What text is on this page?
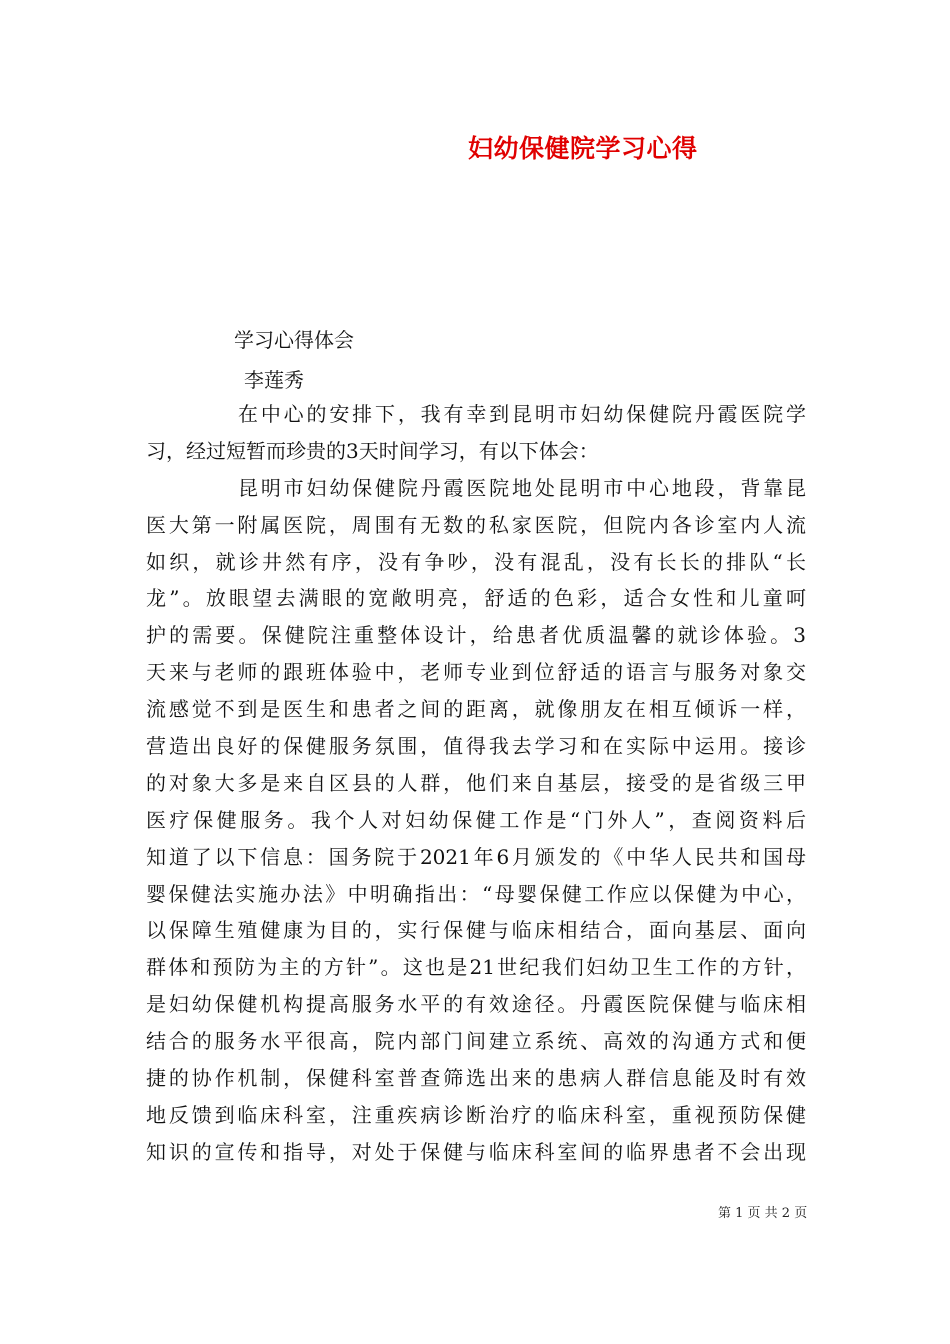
妇幼保健院学习心得
学习心得体会
李莲秀
在中心的安排下，我有幸到昆明市妇幼保健院丹霞医院学
习，经过短暂而珍贵的3天时间学习，有以下体会：
昆明市妇幼保健院丹霞医院地处昆明市中心地段，背靠昆
医大第一附属医院，周围有无数的私家医院，但院内各诊室内人流
如织，就诊井然有序，没有争吵，没有混乱，没有长长的排队“长
龙”。放眼望去满眼的宽敞明亮，舒适的色彩，适合女性和儿童呵
护的需要。保健院注重整体设计，给患者优质温馨的就诊体验。3
天来与老师的跟班体验中，老师专业到位舒适的语言与服务对象交
流感觉不到是医生和患者之间的距离，就像朋友在相互倾诉一样，
营造出良好的保健服务氛围，值得我去学习和在实际中运用。接诊
的对象大多是来自区县的人群，他们来自基层，接受的是省级三甲
医疗保健服务。我个人对妇幼保健工作是“门外人”，查阅资料后
知道了以下信息：国务院于2021年6月颁发的《中华人民共和国母
婴保健法实施办法》中明确指出：“母婴保健工作应以保健为中心，
以保障生殖健康为目的，实行保健与临床相结合，面向基层、面向
群体和预防为主的方针”。这也是21世纪我们妇幼卫生工作的方针，
是妇幼保健机构提高服务水平的有效途径。丹霞医院保健与临床相
结合的服务水平很高，院内部门间建立系统、高效的沟通方式和便
捷的协作机制，保健科室普查筛选出来的患病人群信息能及时有效
地反馈到临床科室，注重疾病诊断治疗的临床科室，重视预防保健
知识的宣传和指导，对处于保健与临床科室间的临界患者不会出现
第 1 页 共 2 页
